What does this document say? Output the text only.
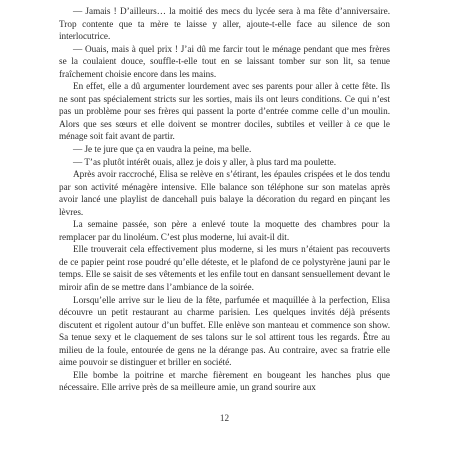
— Jamais ! D’ailleurs… la moitié des mecs du lycée sera à ma fête d’anniversaire. Trop contente que ta mère te laisse y aller, ajoute-t-elle face au silence de son interlocutrice.

— Ouais, mais à quel prix ! J’ai dû me farcir tout le ménage pendant que mes frères se la coulaient douce, souffle-t-elle tout en se laissant tomber sur son lit, sa tenue fraîchement choisie encore dans les mains.

En effet, elle a dû argumenter lourdement avec ses parents pour aller à cette fête. Ils ne sont pas spécialement stricts sur les sorties, mais ils ont leurs conditions. Ce qui n’est pas un problème pour ses frères qui passent la porte d’entrée comme celle d’un moulin. Alors que ses sœurs et elle doivent se montrer dociles, subtiles et veiller à ce que le ménage soit fait avant de partir.

— Je te jure que ça en vaudra la peine, ma belle.

— T’as plutôt intérêt ouais, allez je dois y aller, à plus tard ma poulette.

Après avoir raccroché, Elisa se relève en s’étirant, les épaules crispées et le dos tendu par son activité ménagère intensive. Elle balance son téléphone sur son matelas après avoir lancé une playlist de dancehall puis balaye la décoration du regard en pinçant les lèvres.

La semaine passée, son père a enlevé toute la moquette des chambres pour la remplacer par du linoléum. C’est plus moderne, lui avait-il dit.

Elle trouverait cela effectivement plus moderne, si les murs n’étaient pas recouverts de ce papier peint rose poudré qu’elle déteste, et le plafond de ce polystyrène jauni par le temps. Elle se saisit de ses vêtements et les enfile tout en dansant sensuellement devant le miroir afin de se mettre dans l’ambiance de la soirée.

Lorsqu’elle arrive sur le lieu de la fête, parfumée et maquillée à la perfection, Elisa découvre un petit restaurant au charme parisien. Les quelques invités déjà présents discutent et rigolent autour d’un buffet. Elle enlève son manteau et commence son show. Sa tenue sexy et le claquement de ses talons sur le sol attirent tous les regards. Être au milieu de la foule, entourée de gens ne la dérange pas. Au contraire, avec sa fratrie elle aime pouvoir se distinguer et briller en société.

Elle bombe la poitrine et marche fièrement en bougeant les hanches plus que nécessaire. Elle arrive près de sa meilleure amie, un grand sourire aux

12
